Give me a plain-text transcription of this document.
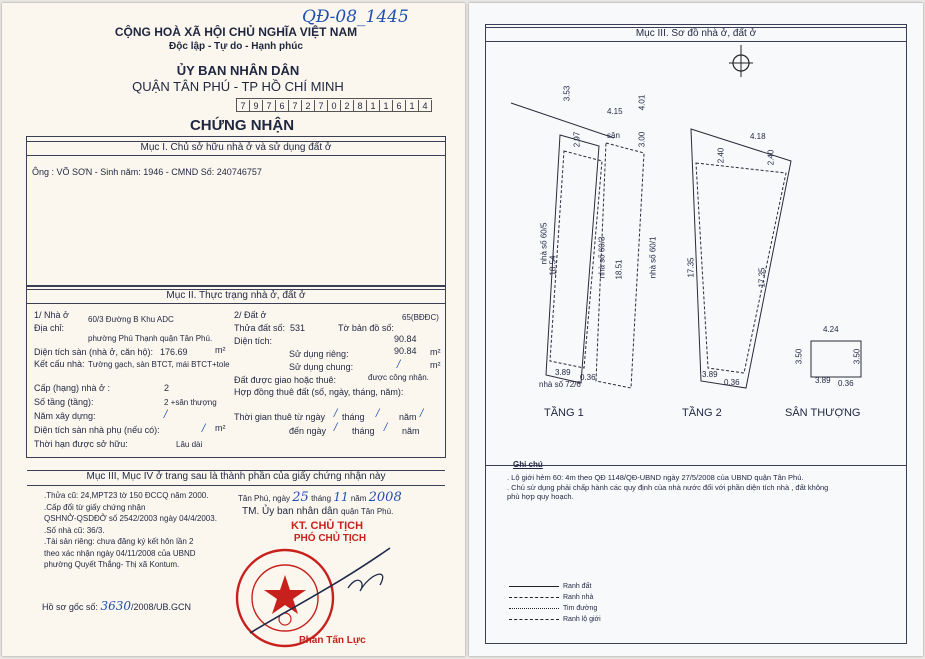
QĐ-08_1445
CỘNG HOÀ XÃ HỘI CHỦ NGHĨA VIỆT NAM
Độc lập - Tự do - Hạnh phúc
ỦY BAN NHÂN DÂN
QUẬN TÂN PHÚ - TP HỒ CHÍ MINH
7 9 7 6 7 2 7 0 2 8 1 1 6 1 4
CHỨNG NHẬN
Mục I. Chủ sở hữu nhà ở và sử dụng đất ở
Ông : VÕ SƠN - Sinh năm: 1946 - CMND Số: 240746757
Mục II. Thực trạng nhà ở, đất ở
1/ Nhà ở
Địa chỉ:
60/3 Đường B Khu ADC
phường Phú Thạnh quận Tân Phú.
Diện tích sàn (nhà ở, căn hộ): 176.69	m²
Kết cấu nhà: Tường gạch, sàn BTCT, mái BTCT+tole
Cấp (hạng) nhà ở :	2
Số tầng (tầng):	2 +sân thượng
Năm xây dựng:	/
Diện tích sàn nhà phụ (nếu có):	/ m²
Thời hạn được sở hữu:	Lâu dài
2/ Đất ở
Thửa đất số: 531	Tờ bản đồ số:
65(BĐĐC)
Diện tích:	90.84
Sử dụng riêng:	90.84 m²
Sử dụng chung:	/	m²
Đất được giao hoặc thuê:	được công nhận.
Hợp đồng thuê đất (số, ngày, tháng, năm):
Thời gian thuê từ ngày / tháng / năm /
đến ngày / tháng / năm
Mục III, Mục IV ở trang sau là thành phần của giấy chứng nhận này
.Thửa cũ: 24,MPT23 tờ 150 ĐCCQ năm 2000.
.Cấp đổi từ giấy chứng nhận
QSHNỞ-QSDĐỞ số 2542/2003 ngày 04/4/2003.
.Số nhà cũ: 36/3.
.Tài sản riêng: chưa đăng ký kết hôn lần 2
theo xác nhận ngày 04/11/2008 của UBND
phường Quyết Thắng- Thị xã Kontum.
Tân Phú, ngày 25 tháng 11 năm 2008
TM. Ủy ban nhân dân quận Tân Phú.
KT. CHỦ TỊCH
PHÓ CHỦ TỊCH
Phan Tấn Lực
Hồ sơ gốc số: 3630/2008/UB.GCN
Mục III. Sơ đồ nhà ở, đất ở
4.15
sân
3.53
4.01
2.97	3.00	4.18
2.40	2.40
nhà số 60/5	nhà số 60/3	nhà số 60/1
nhà số 72/6
18.54	18.51	17.35	17.35
3.89
0.36	3.89
0.36	3.89 0.36
4.24
3.50	3.50
TẦNG 1	TẦNG 2	SÂN THƯỢNG
Ghi chú
. Lộ giới hẻm 60: 4m theo QĐ 1148/QĐ-UBND ngày 27/5/2008 của UBND quận Tân Phú.
. Chủ sử dụng phải chấp hành các quy định của nhà nước đối với phần diện tích nhà , đất không
phù hợp quy hoạch.
Ranh đất
Ranh nhà
Tim đường
Ranh lộ giới
